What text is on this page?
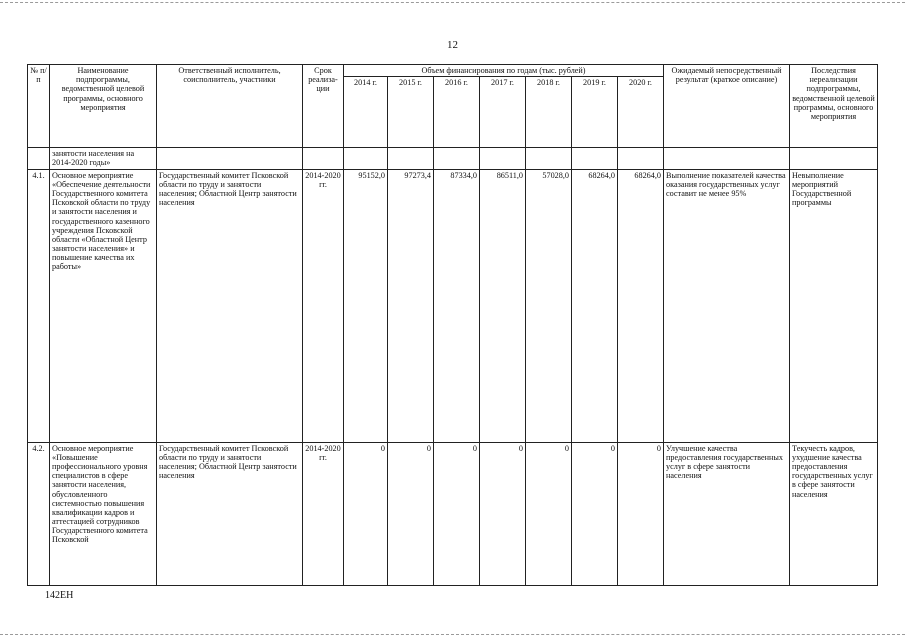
12
№ п/п	Наименование подпрограммы, ведомственной целевой программы, основного мероприятия	Ответственный исполнитель, соисполнитель, участники	Срок реализа-ции	Объем финансирования по годам (тыс. рублей)							Ожидаемый непосредственный результат (краткое описание)	Последствия нереализации подпрограммы, ведомственной целевой программы, основного мероприятия
				2014 г.	2015 г.	2016 г.	2017 г.	2018 г.	2019 г.	2020 г.		
	занятости населения на 2014-2020 годы»											
4.1.	Основное мероприятие «Обеспечение деятельности Государственного комитета Псковской области по труду и занятости населения и государственного казенного учреждения Псковской области «Областной Центр занятости населения» и повышение качества их работы»	Государственный комитет Псковской области по труду и занятости населения; Областной Центр занятости населения	2014-2020 гг.	95152,0	97273,4	87334,0	86511,0	57028,0	68264,0	68264,0	Выполнение показателей качества оказания государственных услуг составит не менее 95%	Невыполнение мероприятий Государственной программы
4.2.	Основное мероприятие «Повышение профессионального уровня специалистов в сфере занятости населения, обусловленного системностью повышения квалификации кадров и аттестацией сотрудников Государственного комитета Псковской	Государственный комитет Псковской области по труду и занятости населения; Областной Центр занятости населения	2014-2020 гг.	0	0	0	0	0	0	0	Улучшение качества предоставления государственных услуг в сфере занятости населения	Текучесть кадров, ухудшение качества предоставления государственных услуг в сфере занятости населения
142ЕН
